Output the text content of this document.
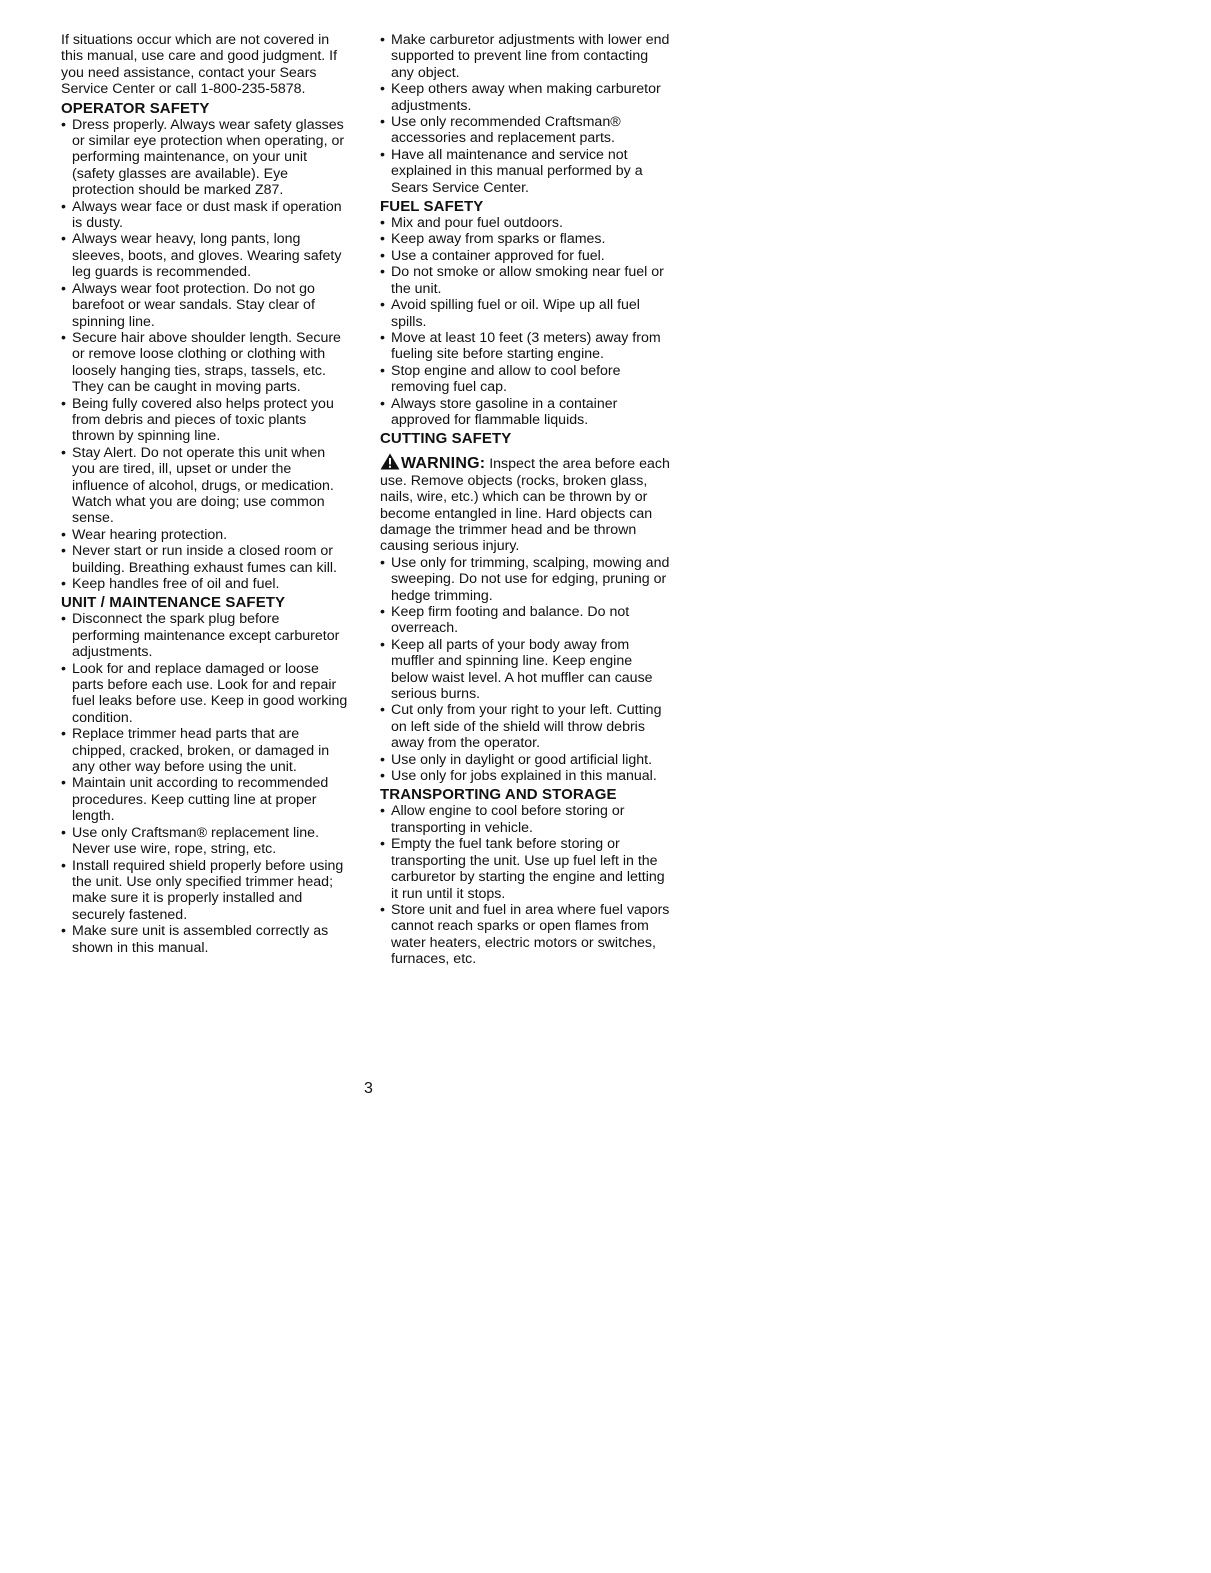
If situations occur which are not covered in this manual, use care and good judgment. If you need assistance, contact your Sears Service Center or call 1-800-235-5878.

OPERATOR SAFETY
• Dress properly. Always wear safety glasses or similar eye protection when operating, or performing maintenance, on your unit (safety glasses are available). Eye protection should be marked Z87.
• Always wear face or dust mask if operation is dusty.
• Always wear heavy, long pants, long sleeves, boots, and gloves. Wearing safety leg guards is recommended.
• Always wear foot protection. Do not go barefoot or wear sandals. Stay clear of spinning line.
• Secure hair above shoulder length. Secure or remove loose clothing or clothing with loosely hanging ties, straps, tassels, etc. They can be caught in moving parts.
• Being fully covered also helps protect you from debris and pieces of toxic plants thrown by spinning line.
• Stay Alert. Do not operate this unit when you are tired, ill, upset or under the influence of alcohol, drugs, or medication. Watch what you are doing; use common sense.
• Wear hearing protection.
• Never start or run inside a closed room or building. Breathing exhaust fumes can kill.
• Keep handles free of oil and fuel.
UNIT / MAINTENANCE SAFETY
• Disconnect the spark plug before performing maintenance except carburetor adjustments.
• Look for and replace damaged or loose parts before each use. Look for and repair fuel leaks before use. Keep in good working condition.
• Replace trimmer head parts that are chipped, cracked, broken, or damaged in any other way before using the unit.
• Maintain unit according to recommended procedures. Keep cutting line at proper length.
• Use only Craftsman® replacement line. Never use wire, rope, string, etc.
• Install required shield properly before using the unit. Use only specified trimmer head; make sure it is properly installed and securely fastened.
• Make sure unit is assembled correctly as shown in this manual.
• Make carburetor adjustments with lower end supported to prevent line from contacting any object.
• Keep others away when making carburetor adjustments.
• Use only recommended Craftsman® accessories and replacement parts.
• Have all maintenance and service not explained in this manual performed by a Sears Service Center.
FUEL SAFETY
• Mix and pour fuel outdoors.
• Keep away from sparks or flames.
• Use a container approved for fuel.
• Do not smoke or allow smoking near fuel or the unit.
• Avoid spilling fuel or oil. Wipe up all fuel spills.
• Move at least 10 feet (3 meters) away from fueling site before starting engine.
• Stop engine and allow to cool before removing fuel cap.
• Always store gasoline in a container approved for flammable liquids.
CUTTING SAFETY

WARNING: Inspect the area before each use. Remove objects (rocks, broken glass, nails, wire, etc.) which can be thrown by or become entangled in line. Hard objects can damage the trimmer head and be thrown causing serious injury.

• Use only for trimming, scalping, mowing and sweeping. Do not use for edging, pruning or hedge trimming.
• Keep firm footing and balance. Do not overreach.
• Keep all parts of your body away from muffler and spinning line. Keep engine below waist level. A hot muffler can cause serious burns.
• Cut only from your right to your left. Cutting on left side of the shield will throw debris away from the operator.
• Use only in daylight or good artificial light.
• Use only for jobs explained in this manual.
TRANSPORTING AND STORAGE
• Allow engine to cool before storing or transporting in vehicle.
• Empty the fuel tank before storing or transporting the unit. Use up fuel left in the carburetor by starting the engine and letting it run until it stops.
• Store unit and fuel in area where fuel vapors cannot reach sparks or open flames from water heaters, electric motors or switches, furnaces, etc.
3
